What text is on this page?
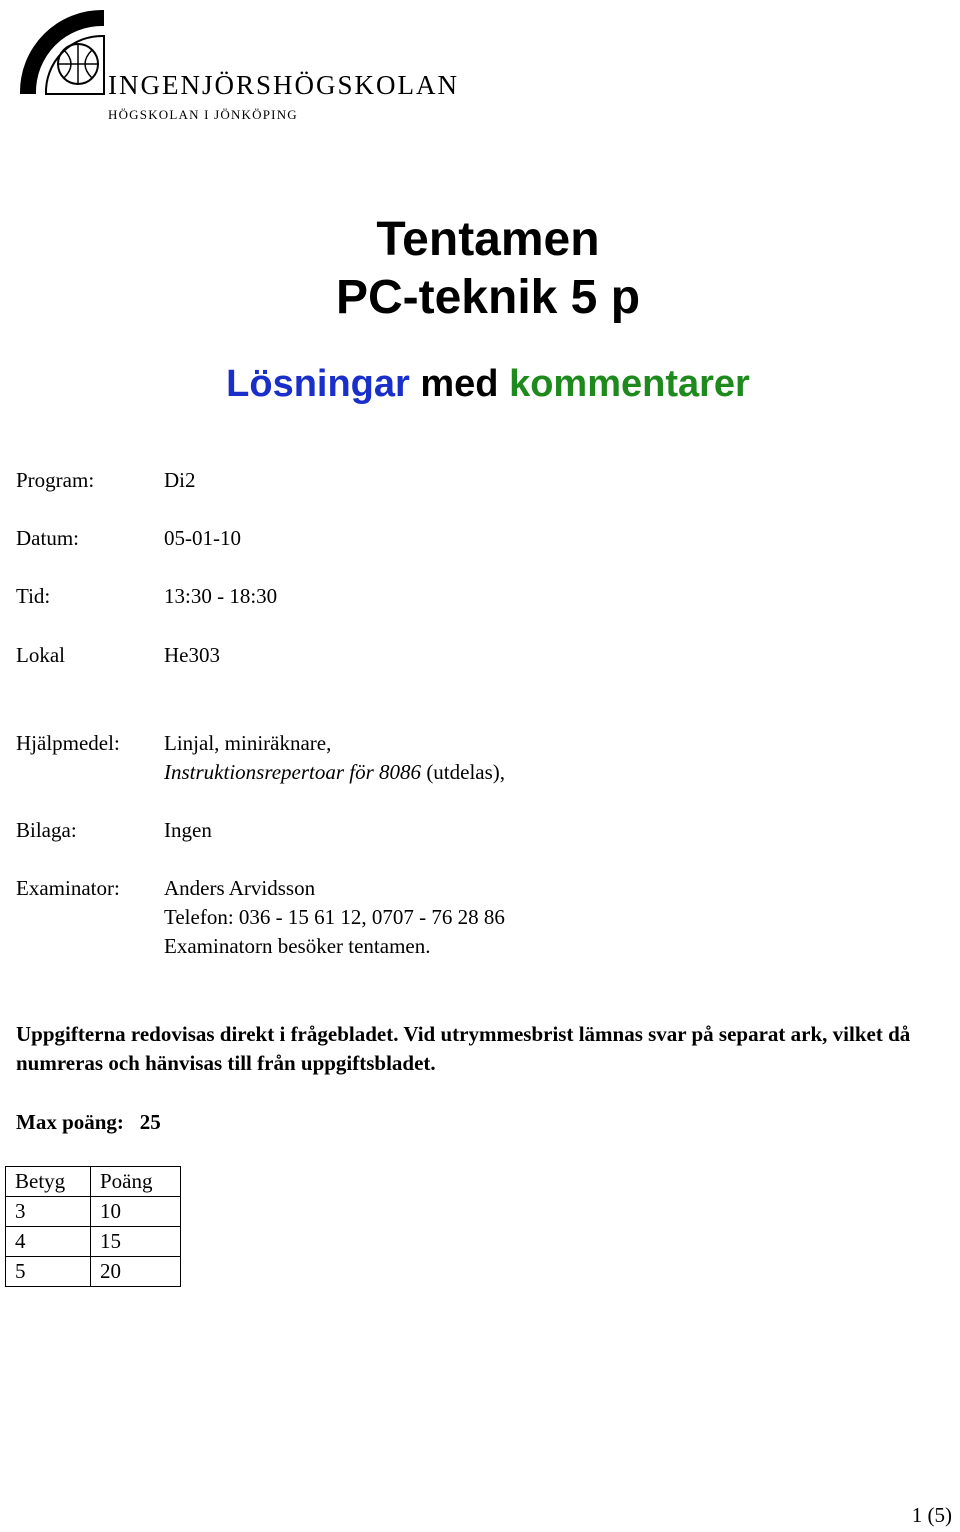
INGENJÖRSHÖGSKOLAN
HÖGSKOLAN I JÖNKÖPING
Tentamen
PC-teknik 5 p
Lösningar med kommentarer
Program:	Di2
Datum:	05-01-10
Tid:	13:30 - 18:30
Lokal	He303
Hjälpmedel: Linjal, miniräknare,
Instruktionsrepertoar för 8086 (utdelas),
Bilaga:	Ingen
Examinator: Anders Arvidsson
Telefon: 036 - 15 61 12, 0707 - 76 28 86
Examinatorn besöker tentamen.
Uppgifterna redovisas direkt i frågebladet. Vid utrymmesbrist lämnas svar på separat ark, vilket då numreras och hänvisas till från uppgiftsbladet.
Max poäng: 25
Betyg	Poäng
3	10
4	15
5	20
1 (5)
